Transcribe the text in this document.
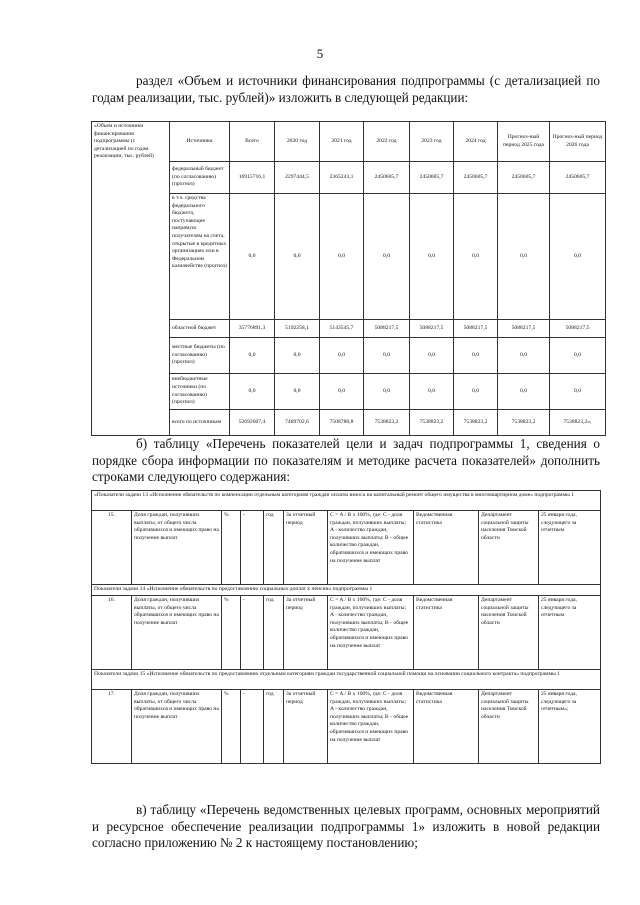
5
раздел «Объем и источники финансирования подпрограммы (с детализацией по годам реализации, тыс. рублей)» изложить в следующей редакции:
«Объем и источники финансирования подпрограммы (с детализацией по годам реализации, тыс. рублей)	Источники	Всего	2020 год	2021 год	2022 год	2023 год	2024 год	Прогноз-ный период 2025 года	Прогноз-ный период 2026 года
	федеральный бюджет (по согласованию) (прогноз)	16915716,1	2297444,5	2365243,1	2450605,7	2450605,7	2450605,7	2450605,7	2450605,7
	в т.ч. средства федерального бюджета, поступающие напрямую получателям на счета, открытые в кредитных организациях или в Федеральном казначействе (прогноз)	0,0	0,0	0,0	0,0	0,0	0,0	0,0	0,0
	областной бюджет	35776891,3	5192258,1	5143545,7	5088217,5	5088217,5	5088217,5	5088217,5	5088217,5
	местные бюджеты (по согласованию) (прогноз)	0,0	0,0	0,0	0,0	0,0	0,0	0,0	0,0
	внебюджетные источники (по согласованию) (прогноз)	0,0	0,0	0,0	0,0	0,0	0,0	0,0	0,0
	всего по источникам	52692607,4	7489702,6	7508788,8	7538823,2	7538823,2	7538823,2	7538823,2	7538823,2»;
б) таблицу «Перечень показателей цели и задач подпрограммы 1, сведения о порядке сбора информации по показателям и методике расчета показателей» дополнить строками следующего содержания:
«Показатели задачи 13 «Исполнение обязательств по компенсации отдельным категориям граждан оплаты взноса на капитальный ремонт общего имущества в многоквартирном доме» подпрограммы 1									
15.	Доля граждан, получивших выплаты, от общего числа обратившихся и имеющих право на получение выплат	%	-	год	За отчетный период	C = A / B x 100%, где: C - доля граждан, получивших выплаты; A - количество граждан, получивших выплаты; B - общее количество граждан, обратившихся и имеющих право на получение выплат	Ведомственная статистика	Департамент социальной защиты населения Томской области	25 января года, следующего за отчетным
Показатели задачи 14 «Исполнение обязательств по предоставлению социальных доплат к пенсии» подпрограммы 1									
16.	Доля граждан, получивших выплаты, от общего числа обратившихся и имеющих право на получение выплат	%	-	год	За отчетный период	C = A / B x 100%, где: C - доля граждан, получивших выплаты; A - количество граждан, получивших выплаты; B - общее количество граждан, обратившихся и имеющих право на получение выплат	Ведомственная статистика	Департамент социальной защиты населения Томской области	25 января года, следующего за отчетным
Показатели задачи 15 «Исполнение обязательств по предоставлению отдельным категориям граждан государственной социальной помощи на основании социального контракта» подпрограммы 1									
17.	Доля граждан, получивших выплаты, от общего числа обратившихся и имеющих право на получение выплат	%	-	год	За отчетный период	C = A / B x 100%, где: C - доля граждан, получивших выплаты; A - количество граждан, получивших выплаты; B - общее количество граждан, обратившихся и имеющих право на получение выплат	Ведомственная статистика	Департамент социальной защиты населения Томской области	25 января года, следующего за отчетным»;
в) таблицу «Перечень ведомственных целевых программ, основных мероприятий и ресурсное обеспечение реализации подпрограммы 1» изложить в новой редакции согласно приложению № 2 к настоящему постановлению;
